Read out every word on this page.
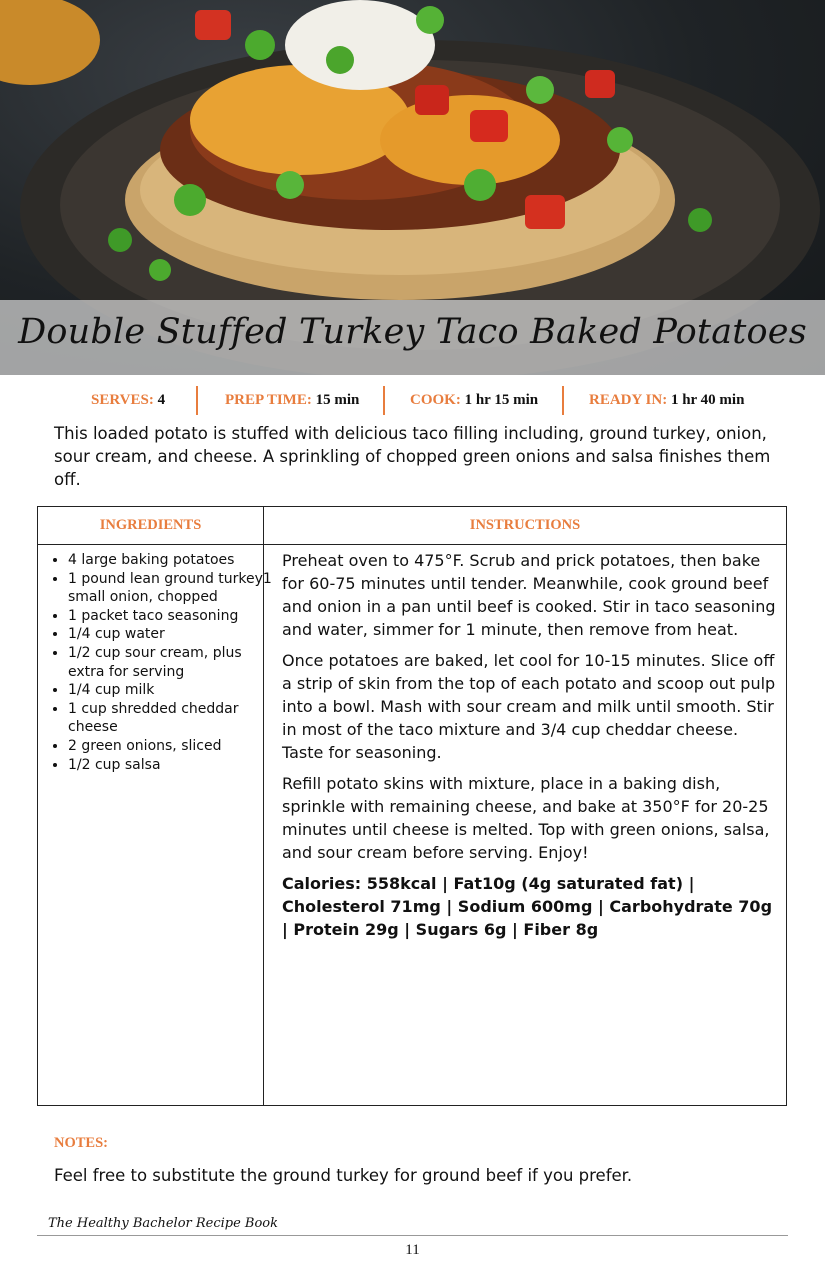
Double Stuffed Turkey Taco Baked Potatoes
SERVES: 4	PREP TIME: 15 min	COOK: 1 hr 15 min	READY IN: 1 hr 40 min
This loaded potato is stuffed with delicious taco filling including, ground turkey, onion, sour cream, and cheese. A sprinkling of chopped green onions and salsa finishes them off.
INGREDIENTS	INSTRUCTIONS
• 4 large baking potatoes
• 1 pound lean ground turkey1 small onion, chopped
• 1 packet taco seasoning
• 1/4 cup water
• 1/2 cup sour cream, plus extra for serving
• 1/4 cup milk
• 1 cup shredded cheddar cheese
• 2 green onions, sliced
• 1/2 cup salsa

Preheat oven to 475°F. Scrub and prick potatoes, then bake for 60-75 minutes until tender. Meanwhile, cook ground beef and onion in a pan until beef is cooked. Stir in taco seasoning and water, simmer for 1 minute, then remove from heat.

Once potatoes are baked, let cool for 10-15 minutes. Slice off a strip of skin from the top of each potato and scoop out pulp into a bowl. Mash with sour cream and milk until smooth. Stir in most of the taco mixture and 3/4 cup cheddar cheese. Taste for seasoning.

Refill potato skins with mixture, place in a baking dish, sprinkle with remaining cheese, and bake at 350°F for 20-25 minutes until cheese is melted. Top with green onions, salsa, and sour cream before serving. Enjoy!

Calories: 558kcal | Fat10g (4g saturated fat) | Cholesterol 71mg | Sodium 600mg | Carbohydrate 70g | Protein 29g | Sugars 6g | Fiber 8g

NOTES:
Feel free to substitute the ground turkey for ground beef if you prefer.
The Healthy Bachelor Recipe Book
11
